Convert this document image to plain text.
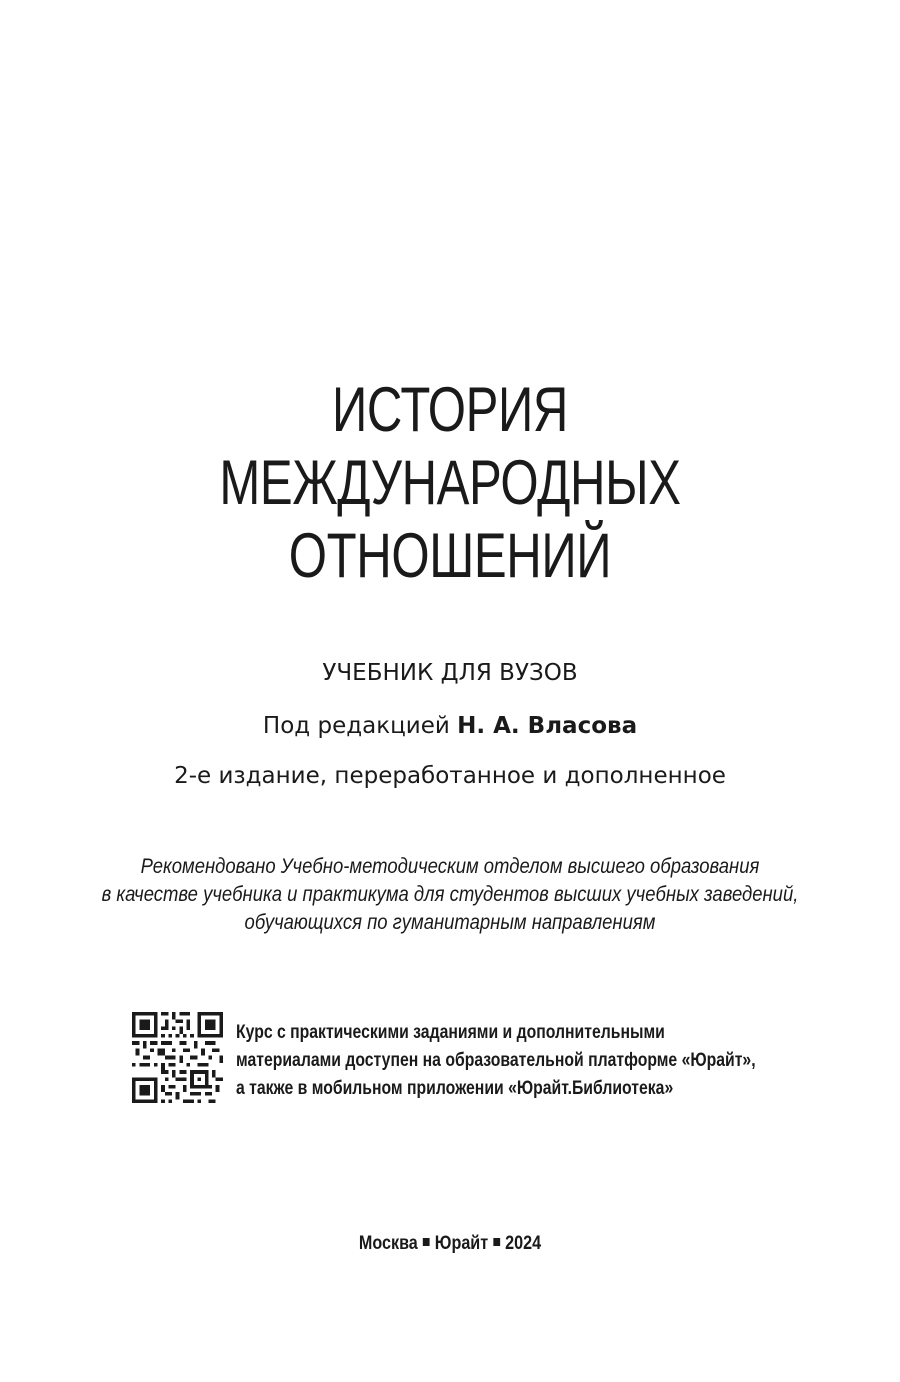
ИСТОРИЯ МЕЖДУНАРОДНЫХ
ОТНОШЕНИЙ
УЧЕБНИК ДЛЯ ВУЗОВ
Под редакцией Н. А. Власова
2-е издание, переработанное и дополненное
Рекомендовано Учебно-методическим отделом высшего образования
в качестве учебника и практикума для студентов высших учебных заведений,
обучающихся по гуманитарным направлениям
Курс с практическими заданиями и дополнительными
материалами доступен на образовательной платформе «Юрайт»,
а также в мобильном приложении «Юрайт.Библиотека»
Москва Юрайт 2024
